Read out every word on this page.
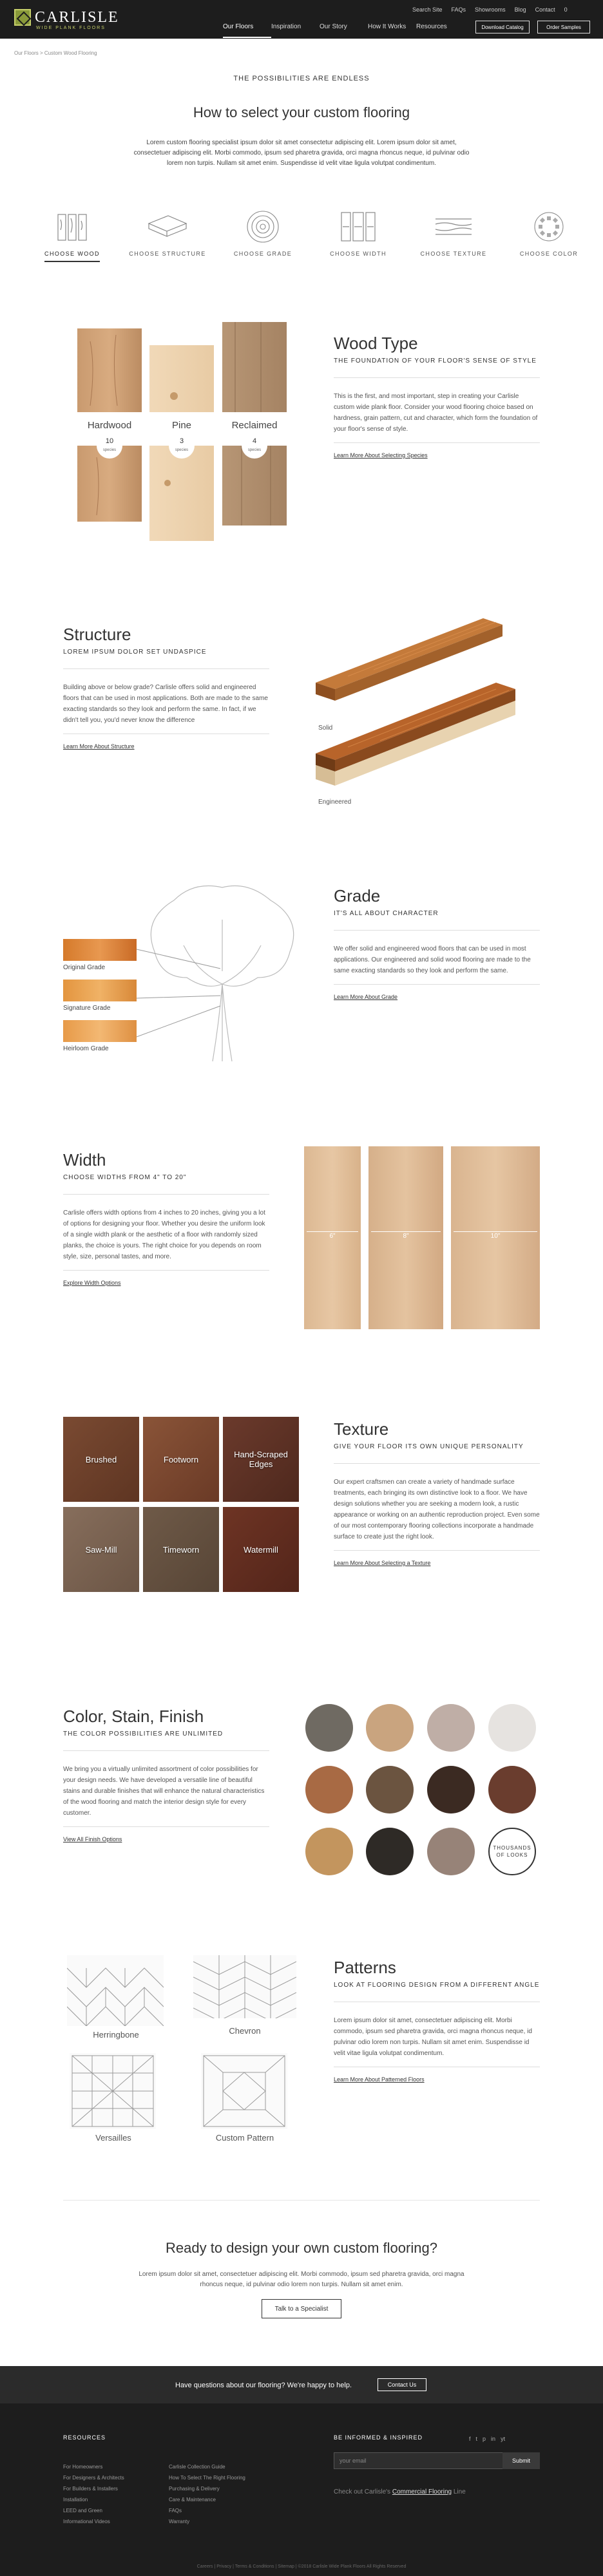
CARLISLE
WIDE PLANK FLOORS
Search Site FAQs Showrooms Blog Contact 0
Our Floors	Inspiration	Our Story	How It Works	Resources	Download Catalog	Order Samples
Our Floors > Custom Wood Flooring
THE POSSIBILITIES ARE ENDLESS
How to select your custom flooring
Lorem custom flooring specialist ipsum dolor sit amet consectetur adipiscing elit. Lorem ipsum dolor sit amet, consectetuer adipiscing elit. Morbi commodo, ipsum sed pharetra gravida, orci magna rhoncus neque, id pulvinar odio lorem non turpis. Nullam sit amet enim. Suspendisse id velit vitae ligula volutpat condimentum.
CHOOSE WOOD	CHOOSE STRUCTURE	CHOOSE GRADE	CHOOSE WIDTH	CHOOSE TEXTURE	CHOOSE COLOR
Hardwood	Pine	Reclaimed
10
species
3
species
4
species
Wood Type
THE FOUNDATION OF YOUR FLOOR'S SENSE OF STYLE
This is the first, and most important, step in creating your Carlisle custom wide plank floor. Consider your wood flooring choice based on hardness, grain pattern, cut and character, which form the foundation of your floor's sense of style.
Learn More About Selecting Species
Structure
LOREM IPSUM DOLOR SET UNDASPICE
Building above or below grade? Carlisle offers solid and engineered floors that can be used in most applications. Both are made to the same exacting standards so they look and perform the same. In fact, if we didn't tell you, you'd never know the difference
Learn More About Structure
Solid
Engineered
Original Grade
Signature Grade
Heirloom Grade
Grade
IT'S ALL ABOUT CHARACTER
We offer solid and engineered wood floors that can be used in most applications. Our engineered and solid wood flooring are made to the same exacting standards so they look and perform the same.
Learn More About Grade
Width
CHOOSE WIDTHS FROM 4" TO 20"
Carlisle offers width options from 4 inches to 20 inches, giving you a lot of options for designing your floor. Whether you desire the uniform look of a single width plank or the aesthetic of a floor with randomly sized planks, the choice is yours. The right choice for you depends on room style, size, personal tastes, and more.
Explore Width Options
6"	8"	10"
Brushed	Footworn	Hand-Scraped Edges
Saw-Mill	Timeworn	Watermill
Texture
GIVE YOUR FLOOR ITS OWN UNIQUE PERSONALITY
Our expert craftsmen can create a variety of handmade surface treatments, each bringing its own distinctive look to a floor. We have design solutions whether you are seeking a modern look, a rustic appearance or working on an authentic reproduction project. Even some of our most contemporary flooring collections incorporate a handmade surface to create just the right look.
Learn More About Selecting a Texture
Color, Stain, Finish
THE COLOR POSSIBILITIES ARE UNLIMITED
We bring you a virtually unlimited assortment of color possibilities for your design needs. We have developed a versatile line of beautiful stains and durable finishes that will enhance the natural characteristics of the wood flooring and match the interior design style for every customer.
View All Finish Options
THOUSANDS OF LOOKS
Herringbone	Chevron
Versailles	Custom Pattern
Patterns
LOOK AT FLOORING DESIGN FROM A DIFFERENT ANGLE
Lorem ipsum dolor sit amet, consectetuer adipiscing elit. Morbi commodo, ipsum sed pharetra gravida, orci magna rhoncus neque, id pulvinar odio lorem non turpis. Nullam sit amet enim. Suspendisse id velit vitae ligula volutpat condimentum.
Learn More About Patterned Floors
Ready to design your own custom flooring?
Lorem ipsum dolor sit amet, consectetuer adipiscing elit. Morbi commodo, ipsum sed pharetra gravida, orci magna rhoncus neque, id pulvinar odio lorem non turpis. Nullam sit amet enim.
Talk to a Specialist
Have questions about our flooring? We're happy to help.	Contact Us
RESOURCES
For Homeowners
For Designers & Architects
For Builders & Installers
Installation
LEED and Green
Informational Videos
Carlisle Collection Guide
How To Select The Right Flooring
Purchasing & Delivery
Care & Maintenance
FAQs
Warranty
BE INFORMED & INSPIRED	f t p in yt
your email	Submit
Check out Carlisle's Commercial Flooring Line
Careers | Privacy | Terms & Conditions | Sitemap | ©2018 Carlisle Wide Plank Floors All Rights Reserved
